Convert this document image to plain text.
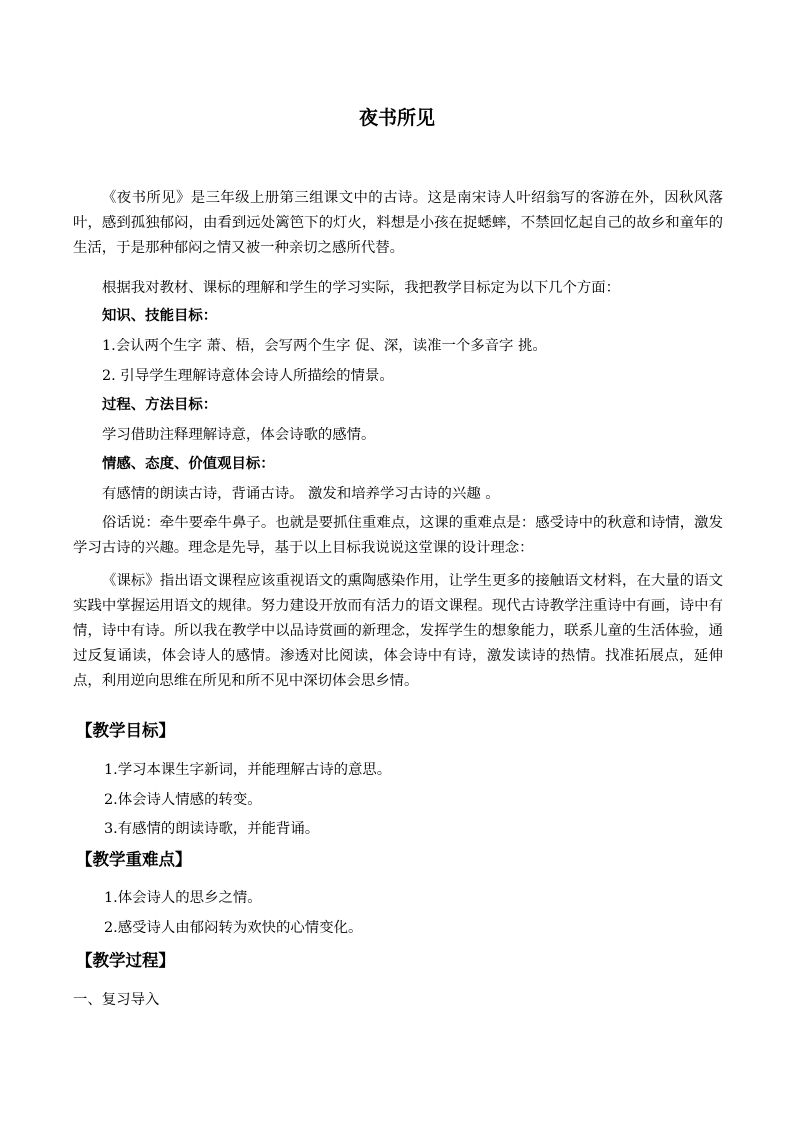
夜书所见
《夜书所见》是三年级上册第三组课文中的古诗。这是南宋诗人叶绍翁写的客游在外，因秋风落叶，感到孤独郁闷，由看到远处篱笆下的灯火，料想是小孩在捉蟋蟀，不禁回忆起自己的故乡和童年的生活，于是那种郁闷之情又被一种亲切之感所代替。
根据我对教材、课标的理解和学生的学习实际，我把教学目标定为以下几个方面：
知识、技能目标：
1.会认两个生字 萧、梧，会写两个生字 促、深，读准一个多音字 挑。
2. 引导学生理解诗意体会诗人所描绘的情景。
过程、方法目标：
学习借助注释理解诗意，体会诗歌的感情。
情感、态度、价值观目标：
有感情的朗读古诗，背诵古诗。 激发和培养学习古诗的兴趣 。
俗话说：牵牛要牵牛鼻子。也就是要抓住重难点，这课的重难点是：感受诗中的秋意和诗情，激发学习古诗的兴趣。理念是先导，基于以上目标我说说这堂课的设计理念：
《课标》指出语文课程应该重视语文的熏陶感染作用，让学生更多的接触语文材料，在大量的语文实践中掌握运用语文的规律。努力建设开放而有活力的语文课程。现代古诗教学注重诗中有画，诗中有情，诗中有诗。所以我在教学中以品诗赏画的新理念，发挥学生的想象能力，联系儿童的生活体验，通过反复诵读，体会诗人的感情。渗透对比阅读，体会诗中有诗，激发读诗的热情。找准拓展点，延伸点，利用逆向思维在所见和所不见中深切体会思乡情。
【教学目标】
1.学习本课生字新词，并能理解古诗的意思。
2.体会诗人情感的转变。
3.有感情的朗读诗歌，并能背诵。
【教学重难点】
1.体会诗人的思乡之情。
2.感受诗人由郁闷转为欢快的心情变化。
【教学过程】
一、复习导入
